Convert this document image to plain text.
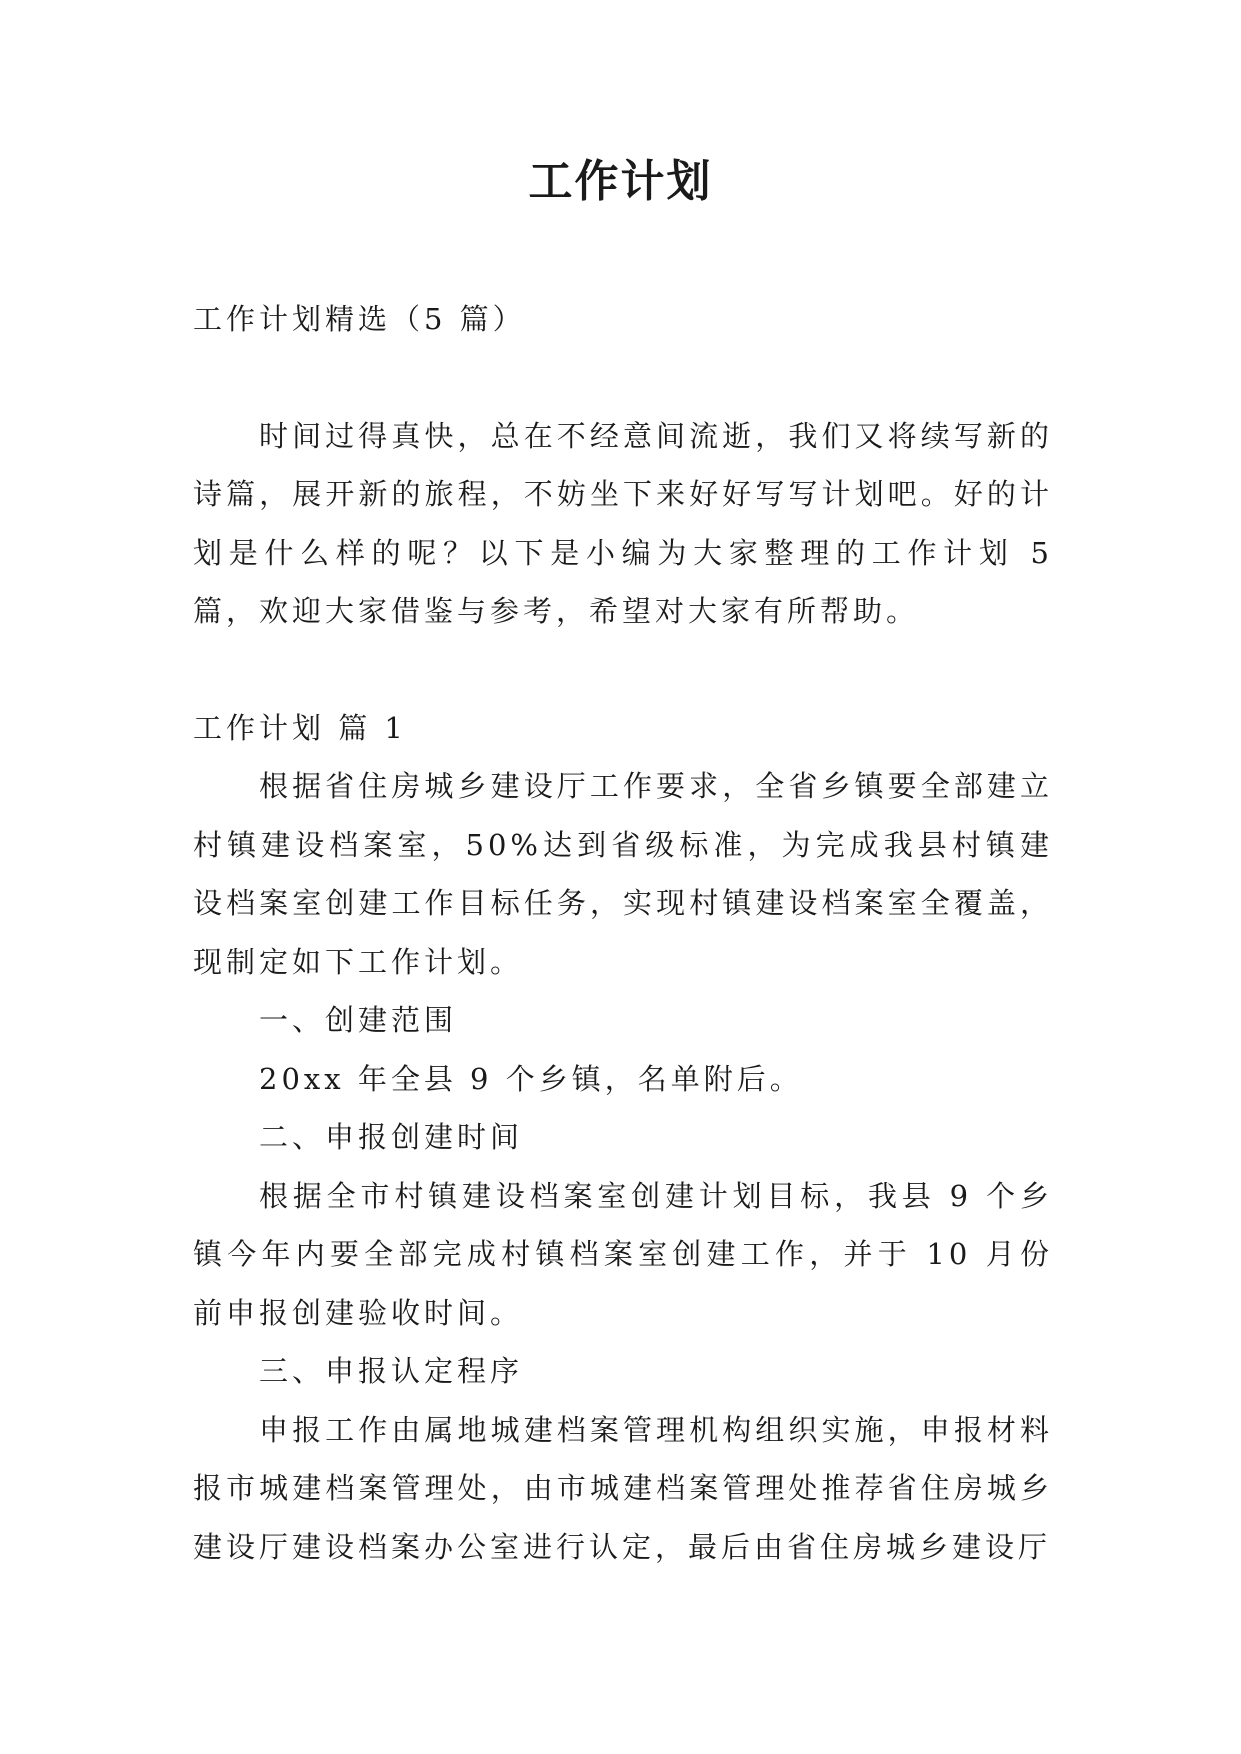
工作计划

工作计划精选（5 篇）

时间过得真快，总在不经意间流逝，我们又将续写新的诗篇，展开新的旅程，不妨坐下来好好写写计划吧。好的计划是什么样的呢？以下是小编为大家整理的工作计划 5 篇，欢迎大家借鉴与参考，希望对大家有所帮助。

工作计划 篇 1

根据省住房城乡建设厅工作要求，全省乡镇要全部建立村镇建设档案室，50%达到省级标准，为完成我县村镇建设档案室创建工作目标任务，实现村镇建设档案室全覆盖，现制定如下工作计划。

一、创建范围

20xx 年全县 9 个乡镇，名单附后。

二、申报创建时间

根据全市村镇建设档案室创建计划目标，我县 9 个乡镇今年内要全部完成村镇档案室创建工作，并于 10 月份前申报创建验收时间。

三、申报认定程序

申报工作由属地城建档案管理机构组织实施，申报材料报市城建档案管理处，由市城建档案管理处推荐省住房城乡建设厅建设档案办公室进行认定，最后由省住房城乡建设厅
